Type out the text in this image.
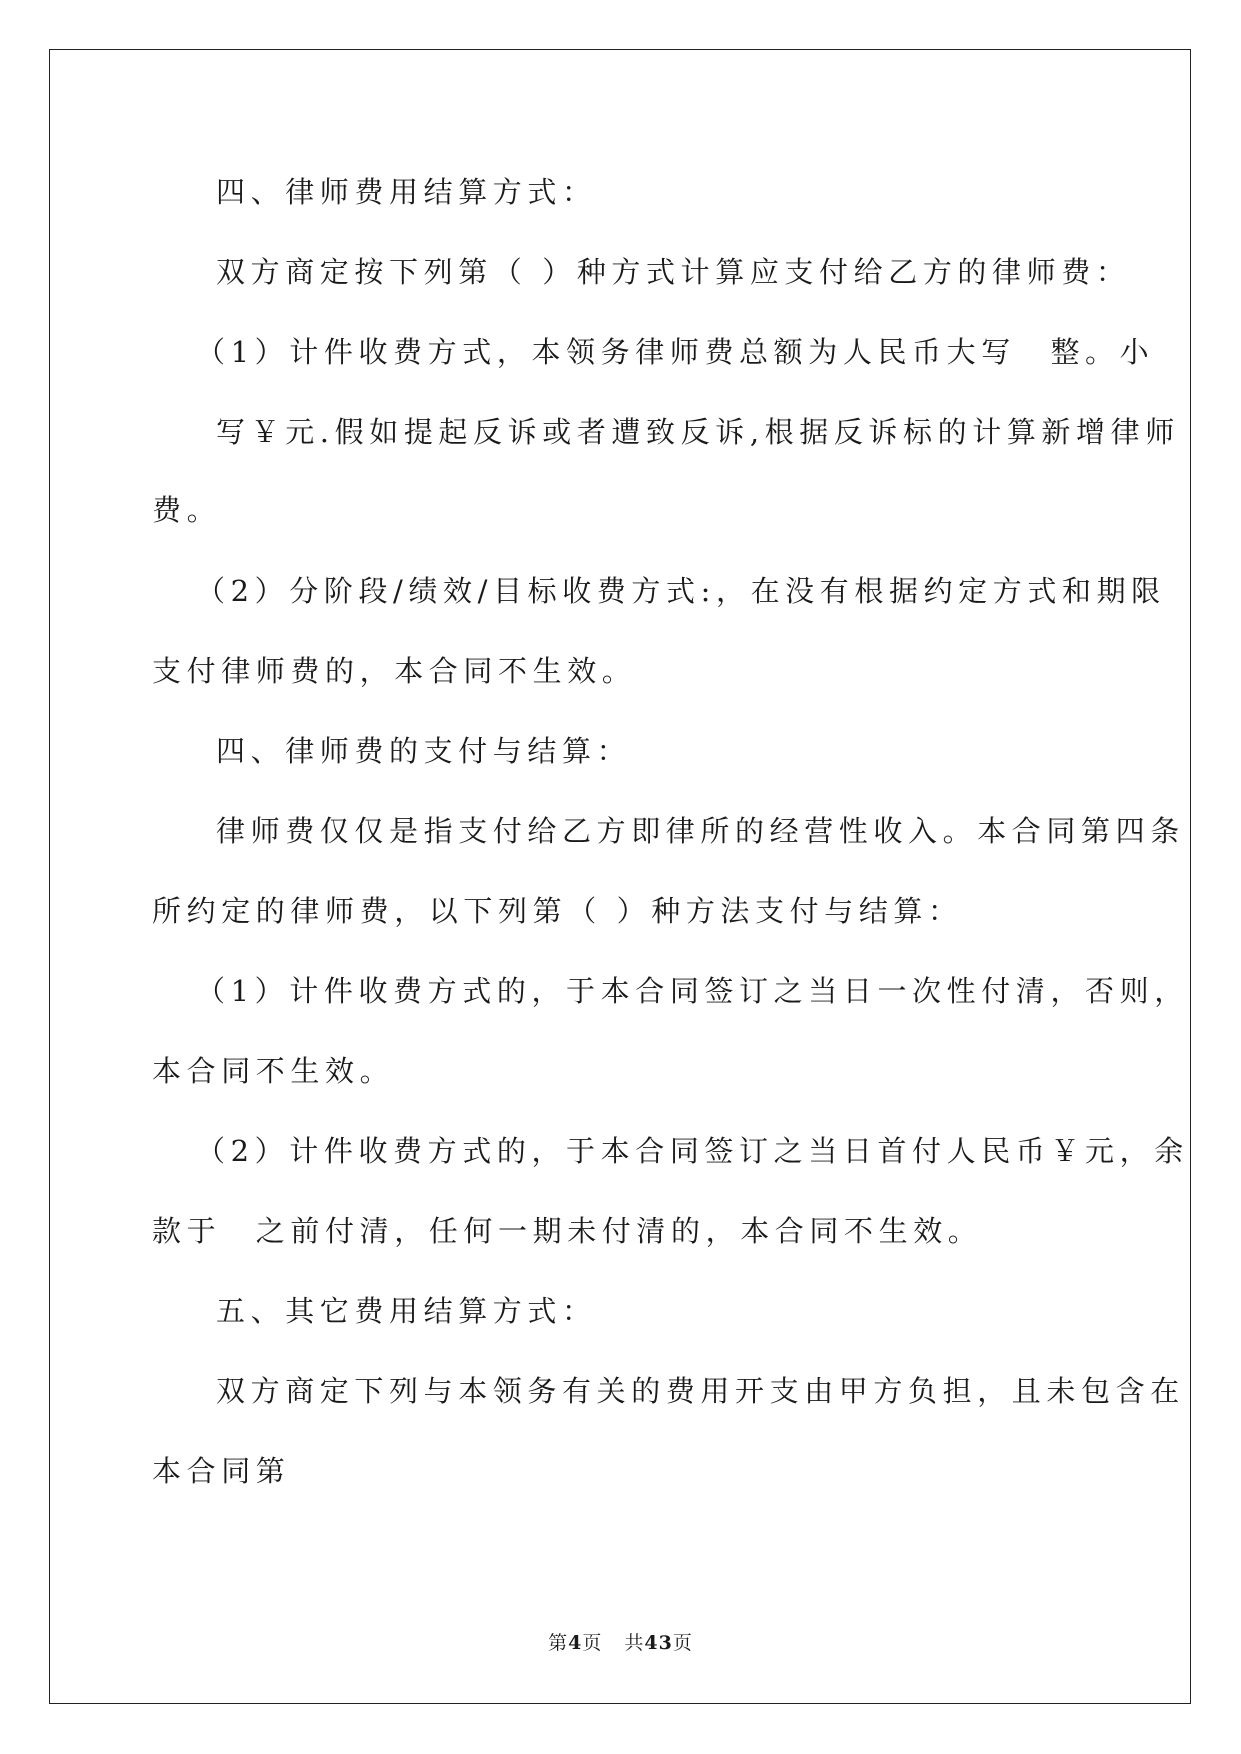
四、律师费用结算方式：
双方商定按下列第（ ）种方式计算应支付给乙方的律师费：
（1）计件收费方式，本领务律师费总额为人民币大写　整。小
写￥元.假如提起反诉或者遭致反诉,根据反诉标的计算新增律师
费。
（2）分阶段/绩效/目标收费方式:，在没有根据约定方式和期限
支付律师费的，本合同不生效。
四、律师费的支付与结算：
律师费仅仅是指支付给乙方即律所的经营性收入。本合同第四条
所约定的律师费，以下列第（ ）种方法支付与结算：
（1）计件收费方式的，于本合同签订之当日一次性付清，否则，
本合同不生效。
（2）计件收费方式的，于本合同签订之当日首付人民币￥元，余
款于　之前付清，任何一期未付清的，本合同不生效。
五、其它费用结算方式：
双方商定下列与本领务有关的费用开支由甲方负担，且未包含在
本合同第
第4页 共43页
